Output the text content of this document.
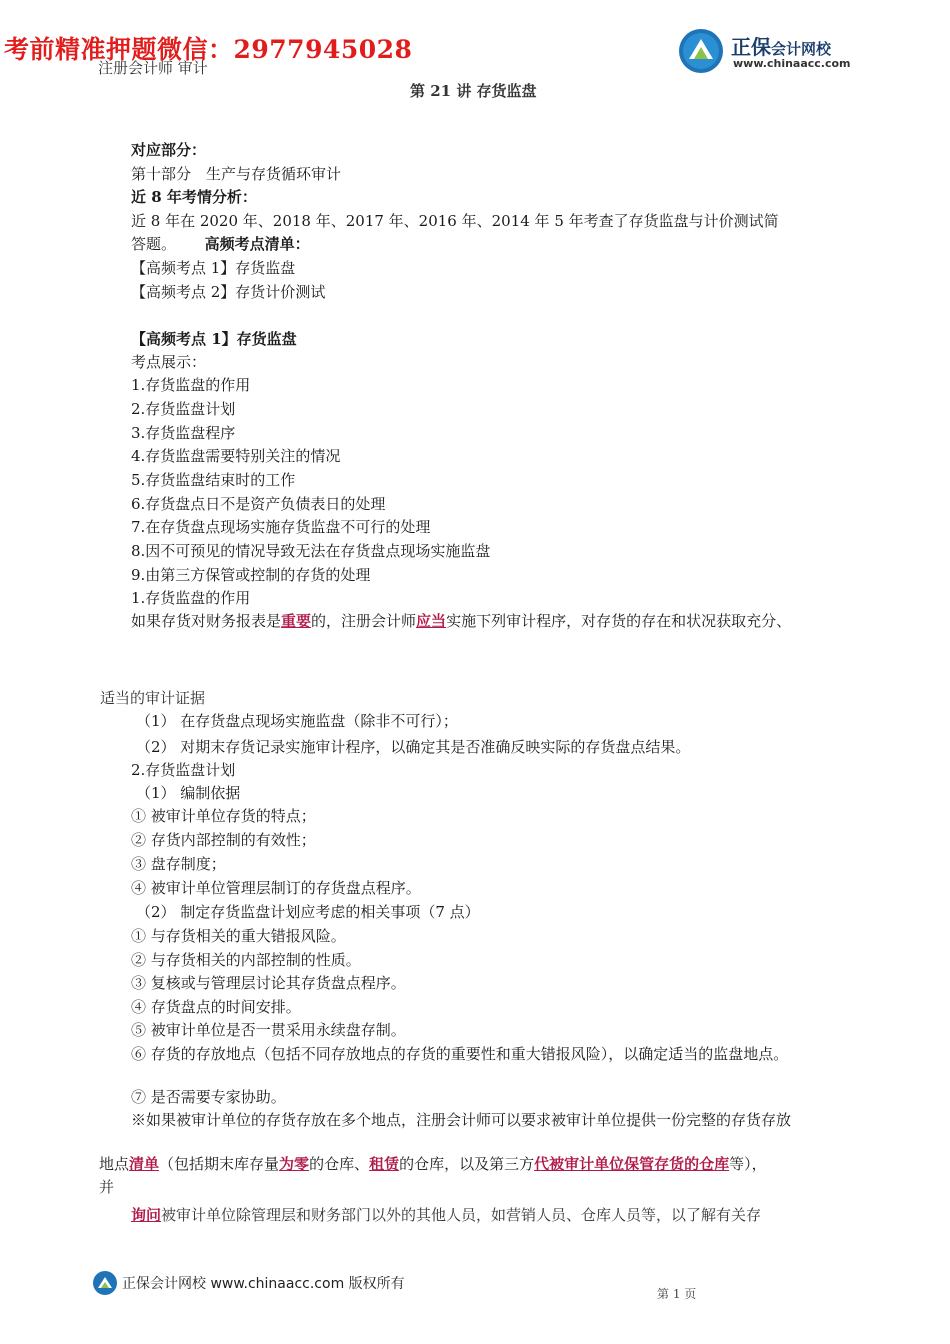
考前精准押题微信：2977945028	正保会计网校
www.chinaacc.com
注册会计师 审计
第 21 讲 存货监盘
对应部分：
第十部分　生产与存货循环审计
近 8 年考情分析：
近 8 年在 2020 年、2018 年、2017 年、2016 年、2014 年 5 年考查了存货监盘与计价测试简
答题。 高频考点清单：
【高频考点 1】存货监盘
【高频考点 2】存货计价测试
【高频考点 1】存货监盘
考点展示：
1.存货监盘的作用
2.存货监盘计划
3.存货监盘程序
4.存货监盘需要特别关注的情况
5.存货监盘结束时的工作
6.存货盘点日不是资产负债表日的处理
7.在存货盘点现场实施存货监盘不可行的处理
8.因不可预见的情况导致无法在存货盘点现场实施监盘
9.由第三方保管或控制的存货的处理
1.存货监盘的作用
如果存货对财务报表是重要的，注册会计师应当实施下列审计程序，对存货的存在和状况获取充分、
适当的审计证据
（1） 在存货盘点现场实施监盘（除非不可行）；
（2） 对期末存货记录实施审计程序，以确定其是否准确反映实际的存货盘点结果。
2.存货监盘计划
（1） 编制依据
① 被审计单位存货的特点；
② 存货内部控制的有效性；
③ 盘存制度；
④ 被审计单位管理层制订的存货盘点程序。
（2） 制定存货监盘计划应考虑的相关事项（7 点）
① 与存货相关的重大错报风险。
② 与存货相关的内部控制的性质。
③ 复核或与管理层讨论其存货盘点程序。
④ 存货盘点的时间安排。
⑤ 被审计单位是否一贯采用永续盘存制。
⑥ 存货的存放地点（包括不同存放地点的存货的重要性和重大错报风险），以确定适当的监盘地点。
⑦ 是否需要专家协助。
※如果被审计单位的存货存放在多个地点，注册会计师可以要求被审计单位提供一份完整的存货存放
地点清单（包括期末库存量为零的仓库、租赁的仓库，以及第三方代被审计单位保管存货的仓库等），
并
询问被审计单位除管理层和财务部门以外的其他人员，如营销人员、仓库人员等，以了解有关存
正保会计网校 www.chinaacc.com 版权所有
第 1 页
